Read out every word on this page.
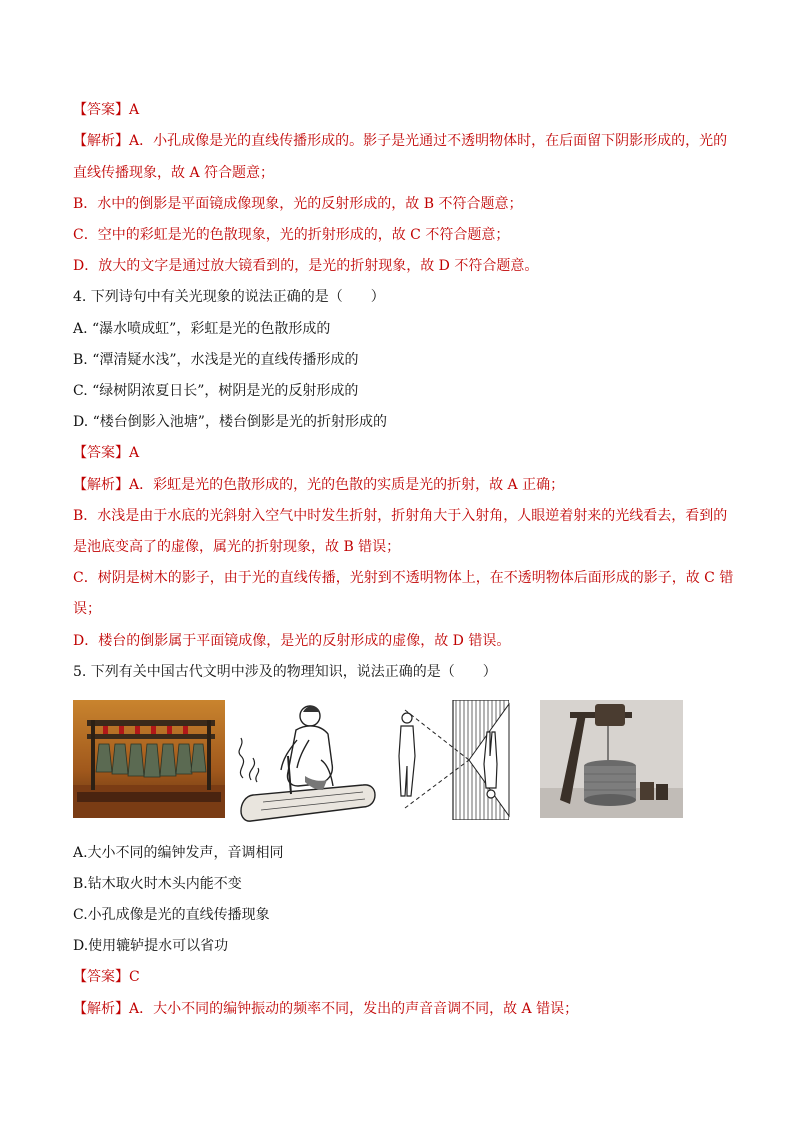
【答案】A
【解析】A．小孔成像是光的直线传播形成的。影子是光通过不透明物体时，在后面留下阴影形成的，光的
直线传播现象，故 A 符合题意；
B．水中的倒影是平面镜成像现象，光的反射形成的，故 B 不符合题意；
C．空中的彩虹是光的色散现象，光的折射形成的，故 C 不符合题意；
D．放大的文字是通过放大镜看到的，是光的折射现象，故 D 不符合题意。
4. 下列诗句中有关光现象的说法正确的是（　　）
A. “瀑水喷成虹”，彩虹是光的色散形成的
B. “潭清疑水浅”，水浅是光的直线传播形成的
C. “绿树阴浓夏日长”，树阴是光的反射形成的
D. “楼台倒影入池塘”，楼台倒影是光的折射形成的
【答案】A
【解析】A．彩虹是光的色散形成的，光的色散的实质是光的折射，故 A 正确；
B．水浅是由于水底的光斜射入空气中时发生折射，折射角大于入射角，人眼逆着射来的光线看去，看到的
是池底变高了的虚像，属光的折射现象，故 B 错误；
C．树阴是树木的影子，由于光的直线传播，光射到不透明物体上，在不透明物体后面形成的影子，故 C 错
误；
D．楼台的倒影属于平面镜成像，是光的反射形成的虚像，故 D 错误。
5. 下列有关中国古代文明中涉及的物理知识，说法正确的是（　　）
A.大小不同的编钟发声，音调相同
B.钻木取火时木头内能不变
C.小孔成像是光的直线传播现象
D.使用辘轳提水可以省功
【答案】C
【解析】A．大小不同的编钟振动的频率不同，发出的声音音调不同，故 A 错误；
